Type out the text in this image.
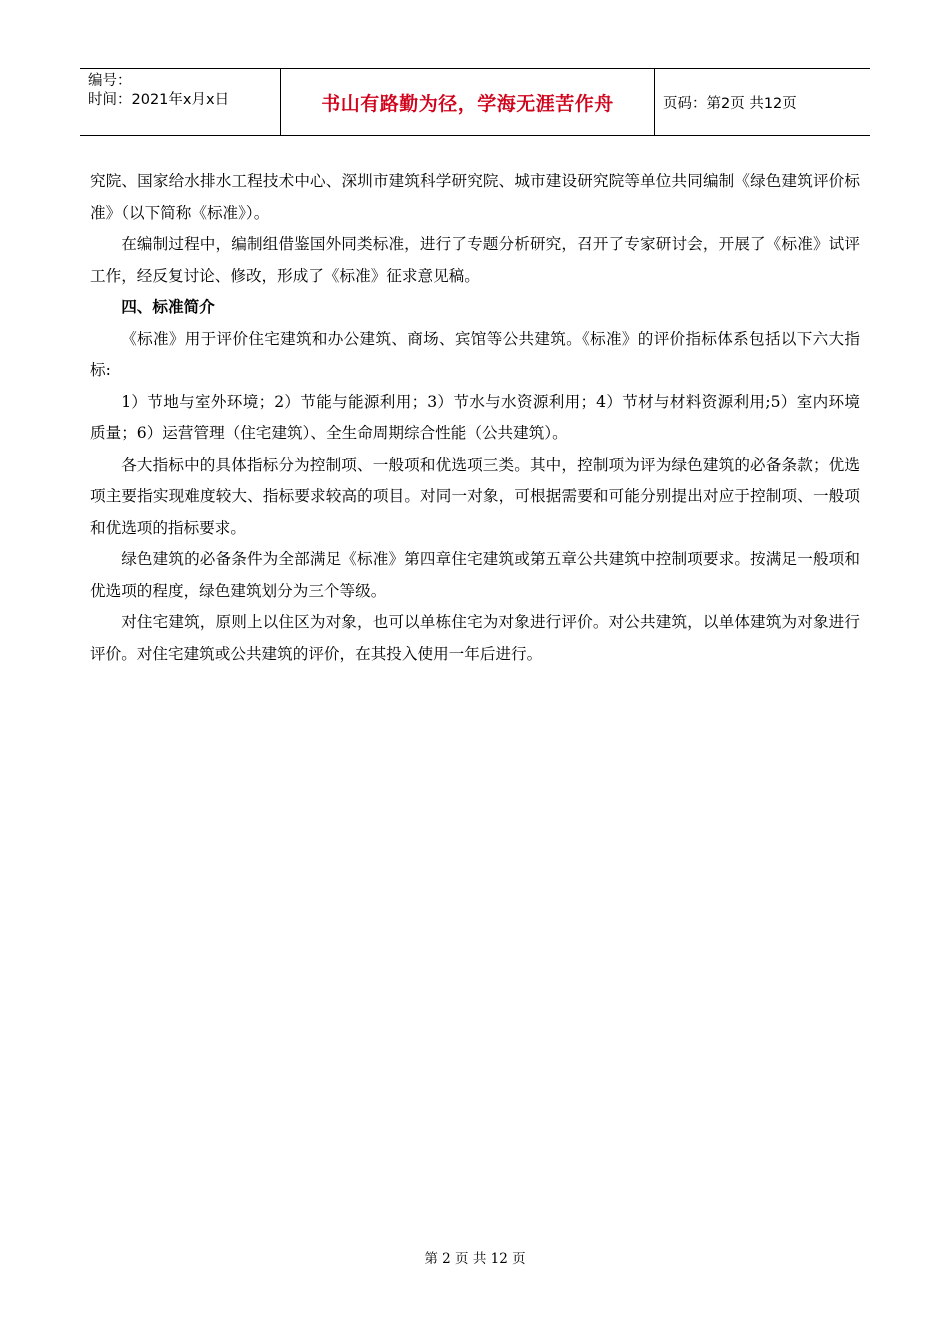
编号：
时间：2021年x月x日	书山有路勤为径，学海无涯苦作舟	页码：第2页 共12页

究院、国家给水排水工程技术中心、深圳市建筑科学研究院、城市建设研究院等单位共同编制《绿色建筑评价标准》（以下简称《标准》）。

在编制过程中，编制组借鉴国外同类标准，进行了专题分析研究，召开了专家研讨会，开展了《标准》试评工作，经反复讨论、修改，形成了《标准》征求意见稿。

四、标准简介

《标准》用于评价住宅建筑和办公建筑、商场、宾馆等公共建筑。《标准》的评价指标体系包括以下六大指标:

1）节地与室外环境；2）节能与能源利用；3）节水与水资源利用；4）节材与材料资源利用;5）室内环境质量；6）运营管理（住宅建筑）、全生命周期综合性能（公共建筑）。

各大指标中的具体指标分为控制项、一般项和优选项三类。其中，控制项为评为绿色建筑的必备条款；优选项主要指实现难度较大、指标要求较高的项目。对同一对象，可根据需要和可能分别提出对应于控制项、一般项和优选项的指标要求。

绿色建筑的必备条件为全部满足《标准》第四章住宅建筑或第五章公共建筑中控制项要求。按满足一般项和优选项的程度，绿色建筑划分为三个等级。

对住宅建筑，原则上以住区为对象，也可以单栋住宅为对象进行评价。对公共建筑，以单体建筑为对象进行评价。对住宅建筑或公共建筑的评价，在其投入使用一年后进行。

第 2 页 共 12 页
